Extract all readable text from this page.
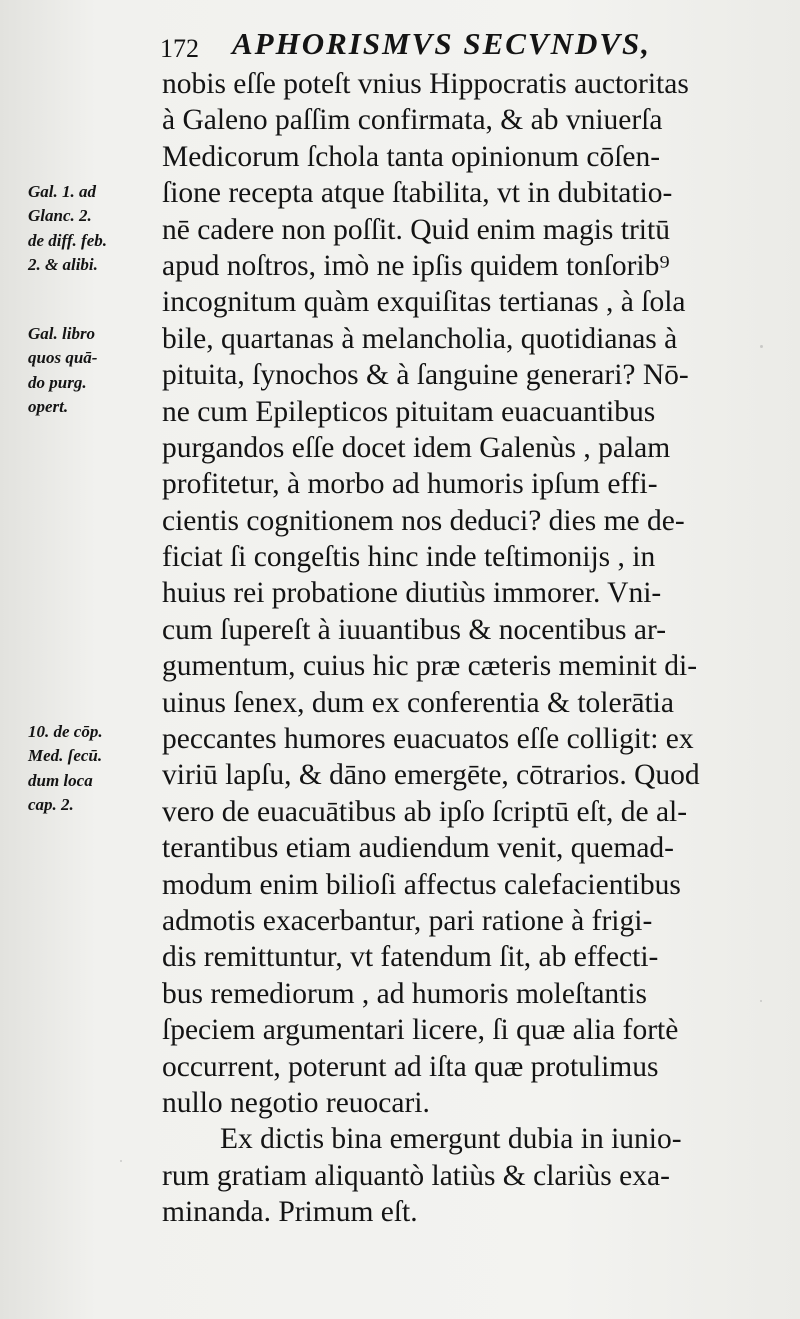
172 APHORISMVS SECVNDVS,
Gal. 1. ad
Glanc. 2.
de diff. feb.
2. & alibi.
Gal. libro
quos quā-
do purg.
opert.
10. de cōp.
Med. ſecū.
dum loca
cap. 2.
nobis eſſe poteſt vnius Hippocratis auctoritas
à Galeno paſſim confirmata, & ab vniuerſa
Medicorum ſchola tanta opinionum cōſen-
ſione recepta atque ſtabilita, vt in dubitatio-
nē cadere non poſſit. Quid enim magis tritū
apud noſtros, imò ne ipſis quidem tonſorib⁹
incognitum quàm exquiſitas tertianas , à ſola
bile, quartanas à melancholia, quotidianas à
pituita, ſynochos & à ſanguine generari? Nō-
ne cum Epilepticos pituitam euacuantibus
purgandos eſſe docet idem Galenùs , palam
profitetur, à morbo ad humoris ipſum effi-
cientis cognitionem nos deduci? dies me de-
ficiat ſi congeſtis hinc inde teſtimonijs , in
huius rei probatione diutiùs immorer. Vni-
cum ſupereſt à iuuantibus & nocentibus ar-
gumentum, cuius hic præ cæteris meminit di-
uinus ſenex, dum ex conferentia & tolerātia
peccantes humores euacuatos eſſe colligit: ex
viriū lapſu, & dāno emergēte, cōtrarios. Quod
vero de euacuātibus ab ipſo ſcriptū eſt, de al-
terantibus etiam audiendum venit, quemad-
modum enim bilioſi affectus calefacientibus
admotis exacerbantur, pari ratione à frigi-
dis remittuntur, vt fatendum ſit, ab effecti-
bus remediorum , ad humoris moleſtantis
ſpeciem argumentari licere, ſi quæ alia fortè
occurrent, poterunt ad iſta quæ protulimus
nullo negotio reuocari.
Ex dictis bina emergunt dubia in iunio-
rum gratiam aliquantò latiùs & clariùs exa-
minanda. Primum eſt.
